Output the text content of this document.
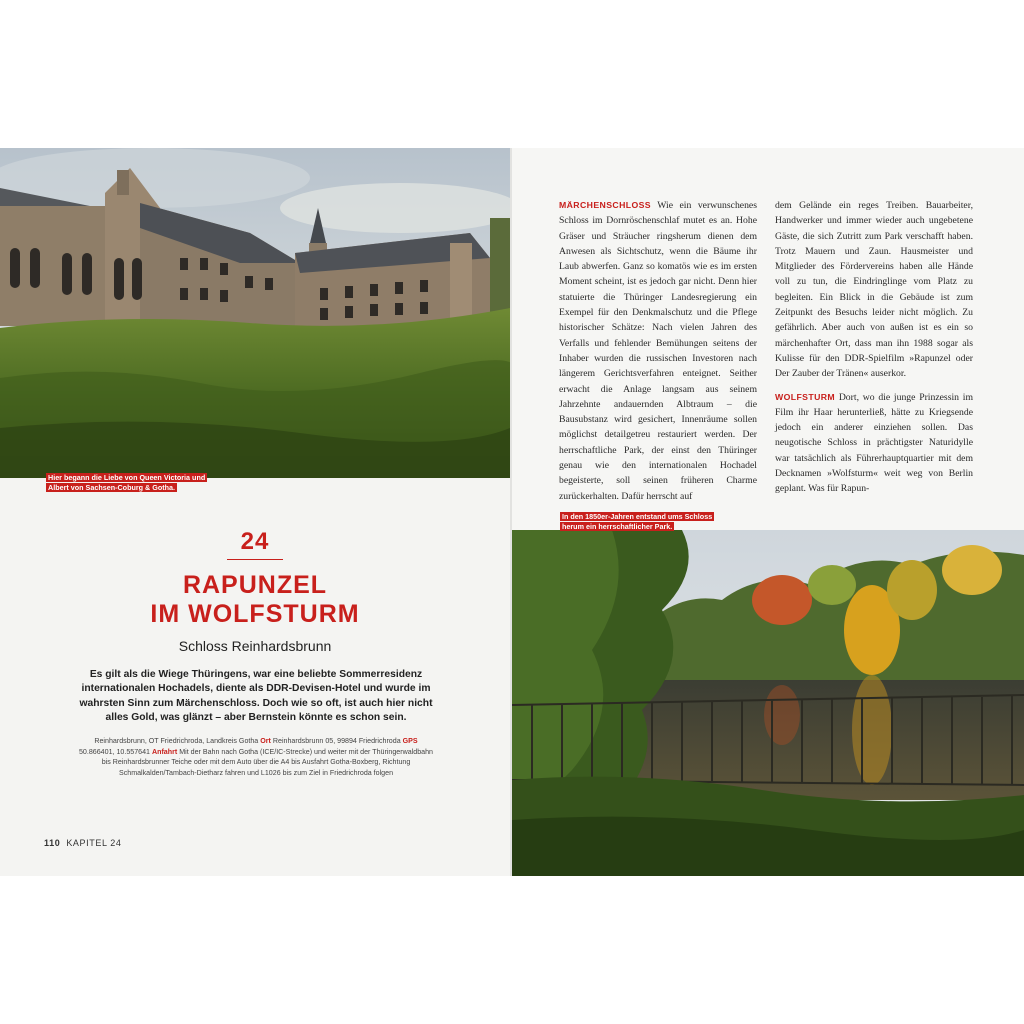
Hier begann die Liebe von Queen Victoria und
Albert von Sachsen-Coburg & Gotha.
24
RAPUNZEL
IM WOLFSTURM
Schloss Reinhardsbrunn
Es gilt als die Wiege Thüringens, war eine beliebte Sommerresidenz internationalen Hochadels, diente als DDR-Devisen-Hotel und wurde im wahrsten Sinn zum Märchenschloss. Doch wie so oft, ist auch hier nicht alles Gold, was glänzt – aber Bernstein könnte es schon sein.
Reinhardsbrunn, OT Friedrichroda, Landkreis Gotha Ort Reinhardsbrunn 05, 99894 Friedrichroda GPS 50.866401, 10.557641 Anfahrt Mit der Bahn nach Gotha (ICE/IC-Strecke) und weiter mit der Thüringerwaldbahn bis Reinhardsbrunner Teiche oder mit dem Auto über die A4 bis Ausfahrt Gotha-Boxberg, Richtung Schmalkalden/Tambach-Dietharz fahren und L1026 bis zum Ziel in Friedrichroda folgen
110 KAPITEL 24

MÄRCHENSCHLOSS Wie ein verwunschenes Schloss im Dornröschenschlaf mutet es an. Hohe Gräser und Sträucher ringsherum dienen dem Anwesen als Sichtschutz, wenn die Bäume ihr Laub abwerfen. Ganz so komatös wie es im ersten Moment scheint, ist es jedoch gar nicht. Denn hier statuierte die Thüringer Landesregierung ein Exempel für den Denkmalschutz und die Pflege historischer Schätze: Nach vielen Jahren des Verfalls und fehlender Bemühungen seitens der Inhaber wurden die russischen Investoren nach längerem Gerichtsverfahren enteignet. Seither erwacht die Anlage langsam aus seinem Jahrzehnte andauernden Albtraum – die Bausubstanz wird gesichert, Innenräume sollen möglichst detailgetreu restauriert werden. Der herrschaftliche Park, der einst den Thüringer genau wie den internationalen Hochadel begeisterte, soll seinen früheren Charme zurückerhalten. Dafür herrscht auf

dem Gelände ein reges Treiben. Bauarbeiter, Handwerker und immer wieder auch ungebetene Gäste, die sich Zutritt zum Park verschafft haben. Trotz Mauern und Zaun. Hausmeister und Mitglieder des Fördervereins haben alle Hände voll zu tun, die Eindringlinge vom Platz zu begleiten. Ein Blick in die Gebäude ist zum Zeitpunkt des Besuchs leider nicht möglich. Zu gefährlich. Aber auch von außen ist es ein so märchenhafter Ort, dass man ihn 1988 sogar als Kulisse für den DDR-Spielfilm »Rapunzel oder Der Zauber der Tränen« auserkor.

WOLFSTURM Dort, wo die junge Prinzessin im Film ihr Haar herunterließ, hätte zu Kriegsende jedoch ein anderer einziehen sollen. Das neugotische Schloss in prächtigster Naturidylle war tatsächlich als Führerhauptquartier mit dem Decknamen »Wolfsturm« weit weg von Berlin geplant. Was für Rapun-

In den 1850er-Jahren entstand ums Schloss
herum ein herrschaftlicher Park.
